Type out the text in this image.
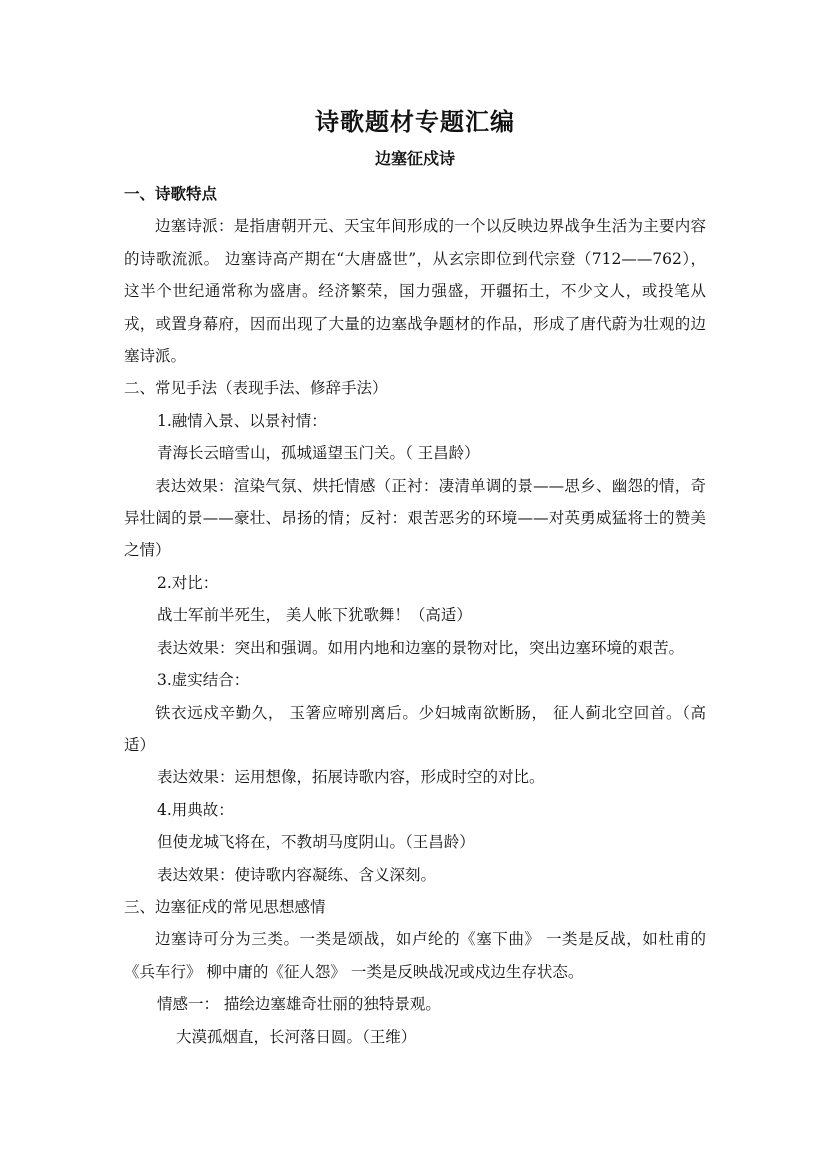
诗歌题材专题汇编
边塞征戍诗
一、诗歌特点

边塞诗派：是指唐朝开元、天宝年间形成的一个以反映边界战争生活为主要内容的诗歌流派。 边塞诗高产期在“大唐盛世”，从玄宗即位到代宗登（712——762），这半个世纪通常称为盛唐。经济繁荣，国力强盛，开疆拓土，不少文人，或投笔从戎，或置身幕府，因而出现了大量的边塞战争题材的作品，形成了唐代蔚为壮观的边塞诗派。

二、常见手法（表现手法、修辞手法）
1.融情入景、以景衬情：
青海长云暗雪山，孤城遥望玉门关。（ 王昌龄）

表达效果：渲染气氛、烘托情感（正衬：凄清单调的景——思乡、幽怨的情，奇异壮阔的景——豪壮、昂扬的情；反衬：艰苦恶劣的环境——对英勇威猛将士的赞美之情）

2.对比：
战士军前半死生， 美人帐下犹歌舞！（高适）
表达效果：突出和强调。如用内地和边塞的景物对比，突出边塞环境的艰苦。
3.虚实结合：

铁衣远戍辛勤久， 玉箸应啼别离后。少妇城南欲断肠， 征人蓟北空回首。（高适）

表达效果：运用想像，拓展诗歌内容，形成时空的对比。
4.用典故：
但使龙城飞将在，不教胡马度阴山。（王昌龄）
表达效果：使诗歌内容凝练、含义深刻。
三、边塞征戍的常见思想感情

边塞诗可分为三类。一类是颂战，如卢纶的《塞下曲》 一类是反战，如杜甫的《兵车行》 柳中庸的《征人怨》 一类是反映战况或戍边生存状态。

情感一： 描绘边塞雄奇壮丽的独特景观。
大漠孤烟直，长河落日圆。（王维）
